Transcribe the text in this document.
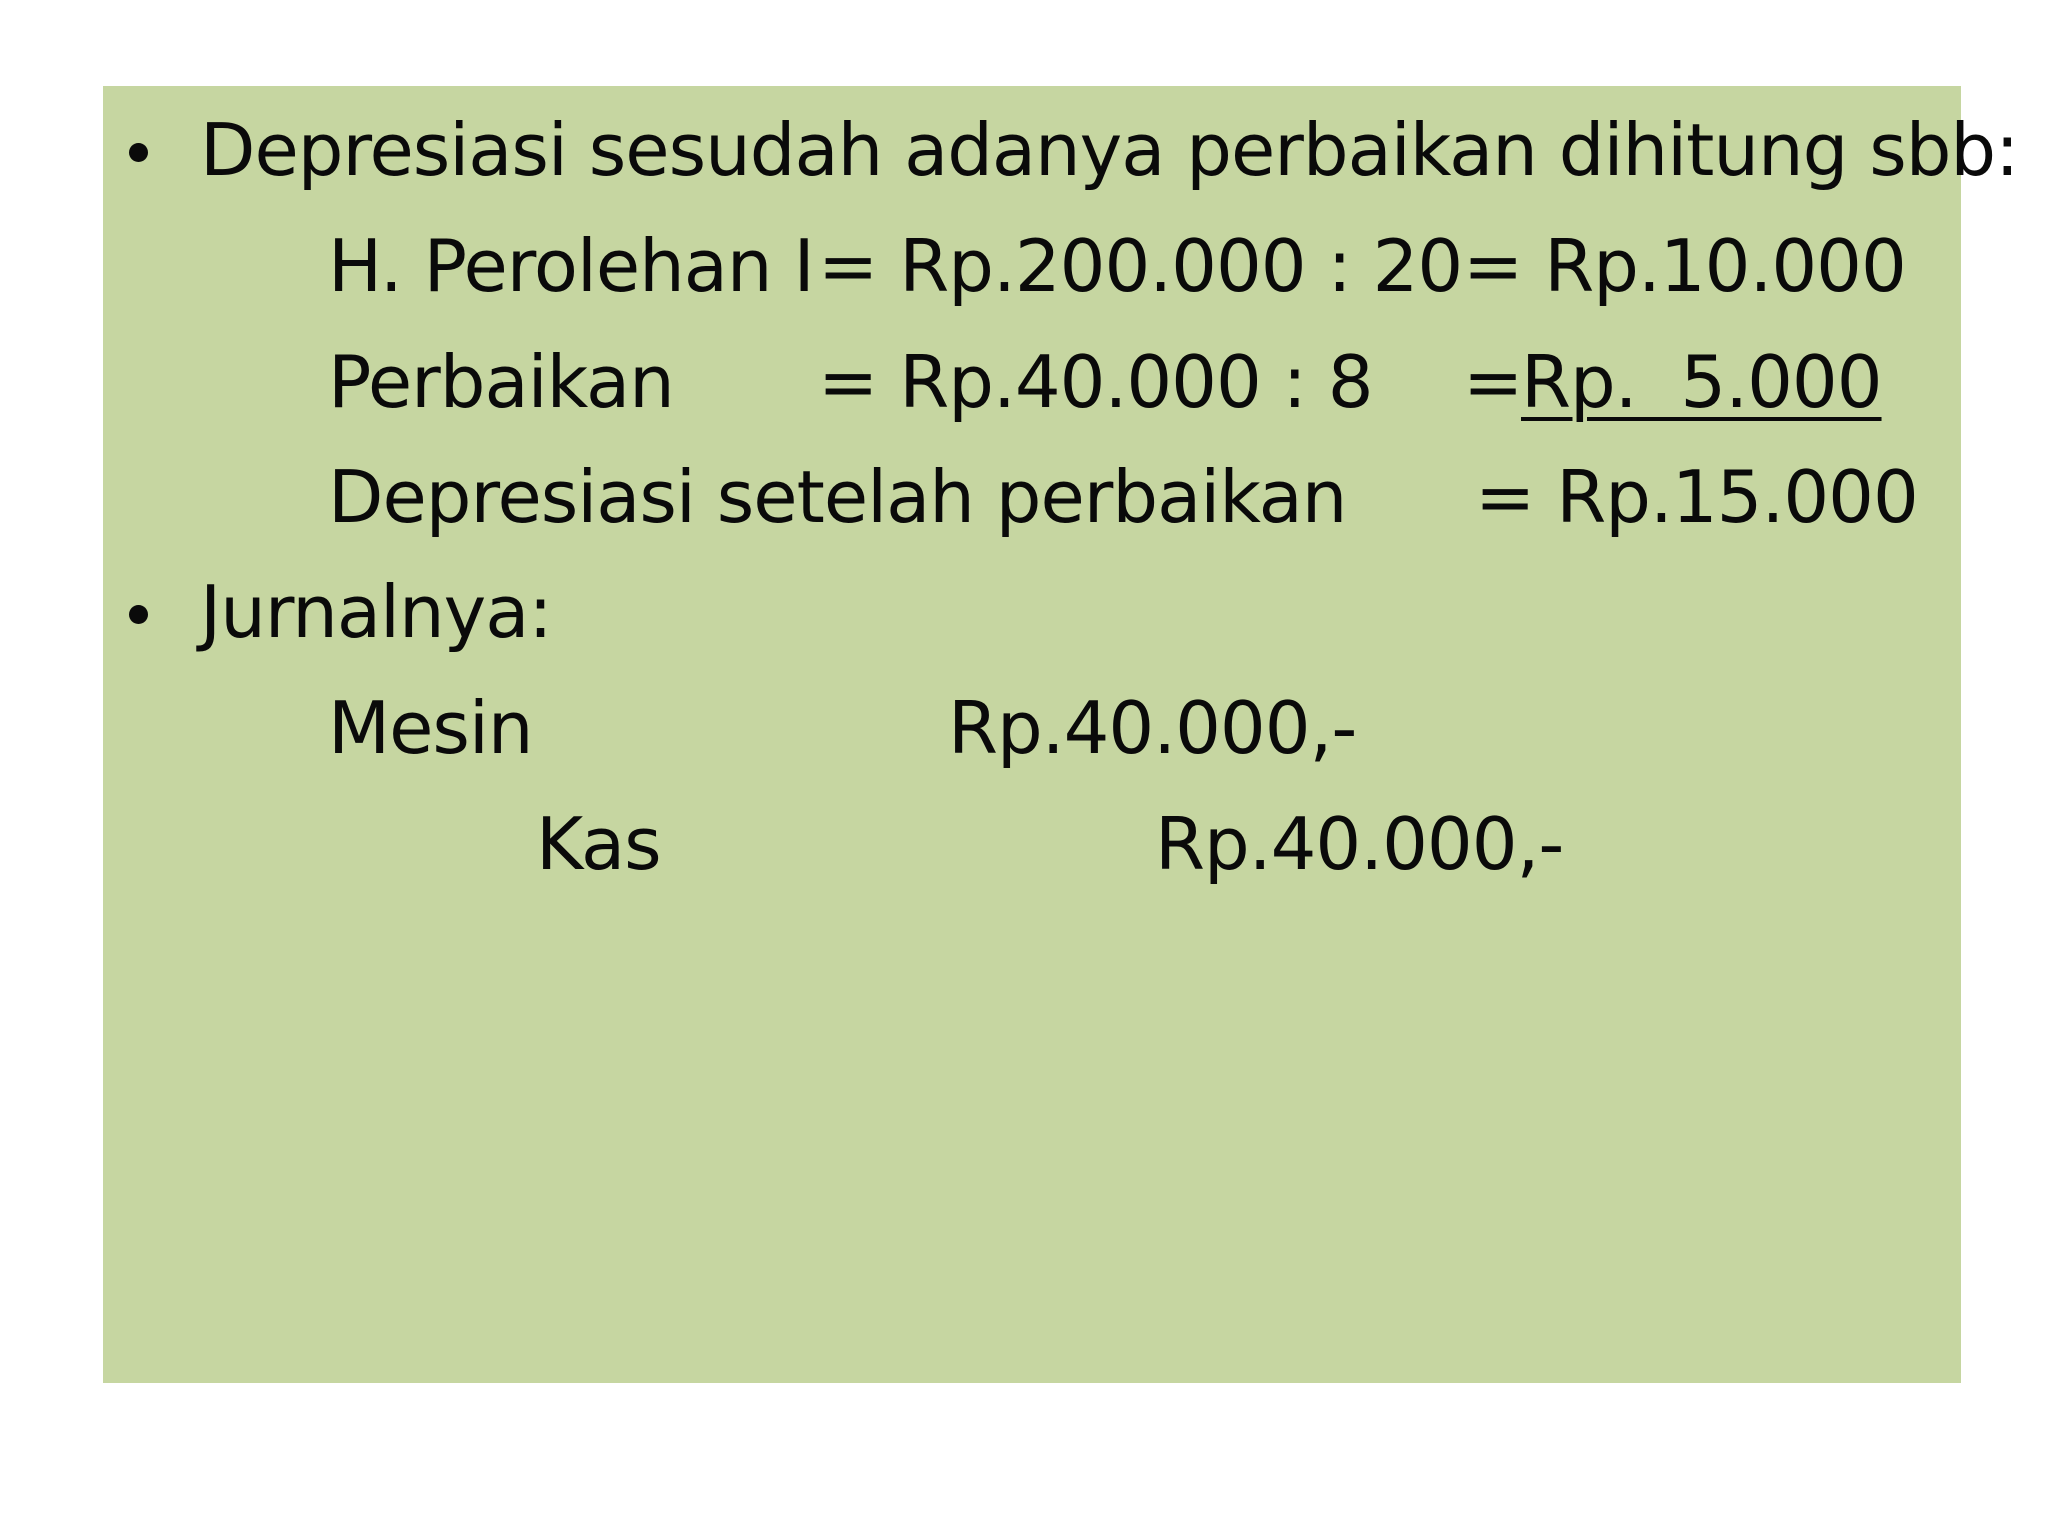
Depresiasi sesudah adanya perbaikan dihitung sbb:
H. Perolehan I = Rp.200.000 : 20 = Rp.10.000
Perbaikan = Rp.40.000 : 8 =
Rp.  5.000
Depresiasi setelah perbaikan = Rp.15.000
Jurnalnya:
Mesin	Rp.40.000,-
Kas	Rp.40.000,-
